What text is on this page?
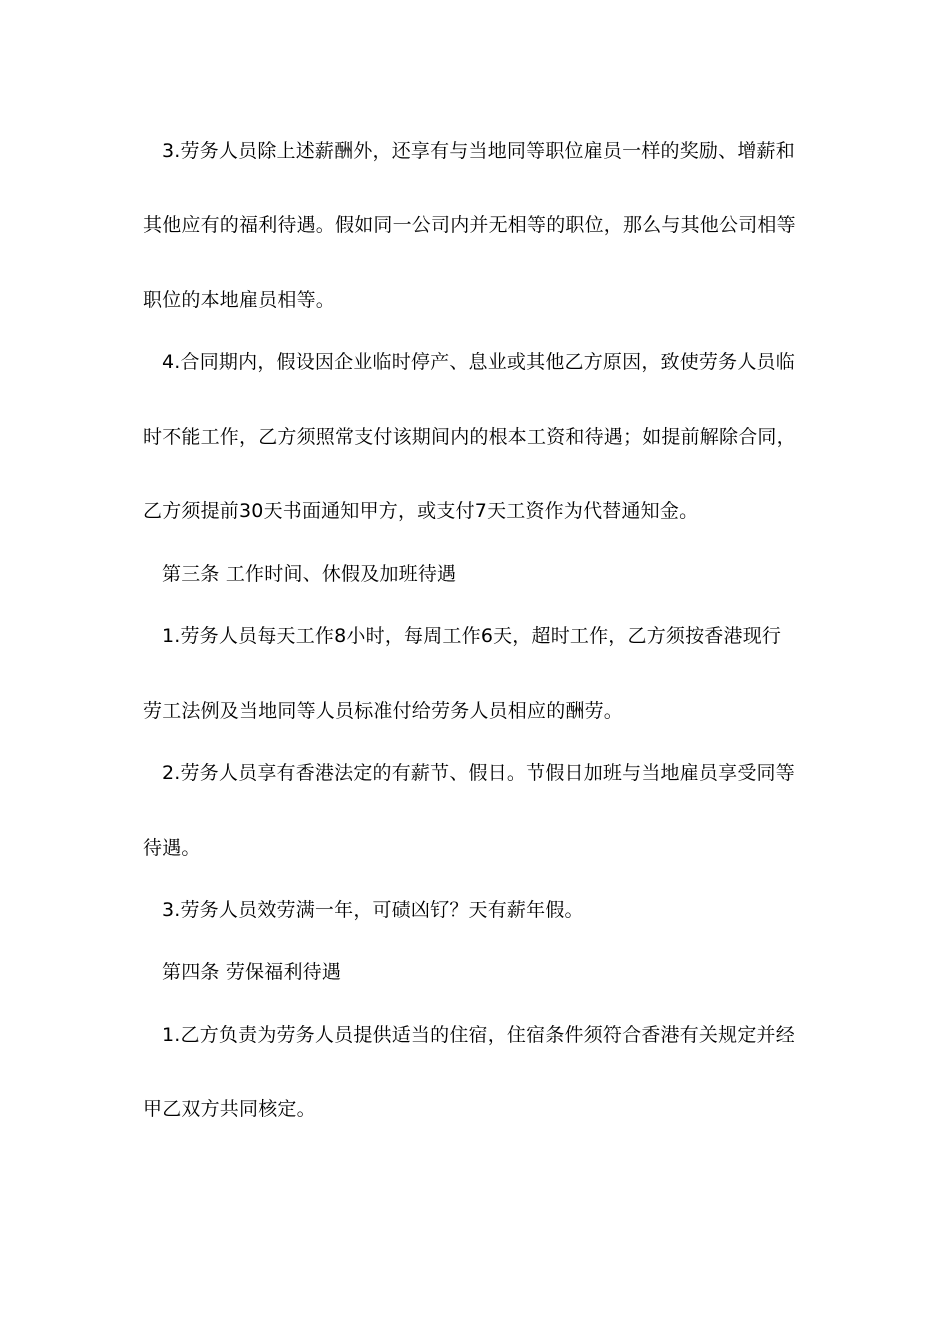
3.劳务人员除上述薪酬外，还享有与当地同等职位雇员一样的奖励、增薪和
其他应有的福利待遇。假如同一公司内并无相等的职位，那么与其他公司相等
职位的本地雇员相等。
4.合同期内，假设因企业临时停产、息业或其他乙方原因，致使劳务人员临
时不能工作，乙方须照常支付该期间内的根本工资和待遇；如提前解除合同，
乙方须提前30天书面通知甲方，或支付7天工资作为代替通知金。
第三条 工作时间、休假及加班待遇
1.劳务人员每天工作8小时，每周工作6天，超时工作，乙方须按香港现行
劳工法例及当地同等人员标准付给劳务人员相应的酬劳。
2.劳务人员享有香港法定的有薪节、假日。节假日加班与当地雇员享受同等
待遇。
3.劳务人员效劳满一年，可碛凶钌？天有薪年假。
第四条 劳保福利待遇
1.乙方负责为劳务人员提供适当的住宿，住宿条件须符合香港有关规定并经
甲乙双方共同核定。
